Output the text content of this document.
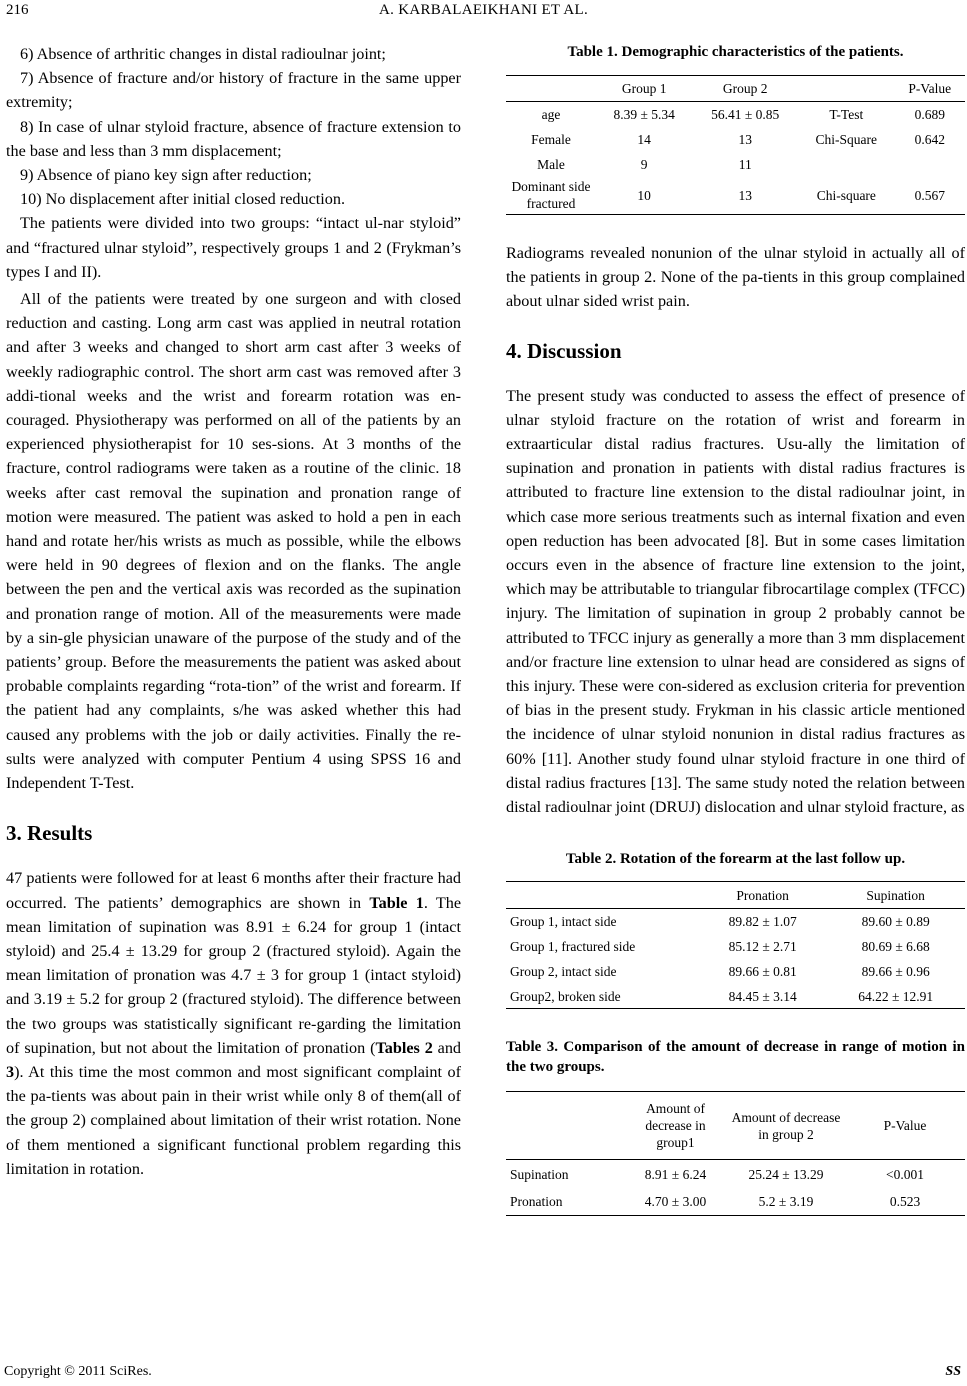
216	A. KARBALAEIKHANI ET AL.

6) Absence of arthritic changes in distal radioulnar joint;

7) Absence of fracture and/or history of fracture in the same upper extremity;

8) In case of ulnar styloid fracture, absence of fracture extension to the base and less than 3 mm displacement;

9) Absence of piano key sign after reduction;

10) No displacement after initial closed reduction.

The patients were divided into two groups: “intact ul-nar styloid” and “fractured ulnar styloid”, respectively groups 1 and 2 (Frykman’s types I and II).

All of the patients were treated by one surgeon and with closed reduction and casting. Long arm cast was applied in neutral rotation and after 3 weeks and changed to short arm cast after 3 weeks of weekly radiographic control. The short arm cast was removed after 3 addi-tional weeks and the wrist and forearm rotation was en-couraged. Physiotherapy was performed on all of the patients by an experienced physiotherapist for 10 ses-sions. At 3 months of the fracture, control radiograms were taken as a routine of the clinic. 18 weeks after cast removal the supination and pronation range of motion were measured. The patient was asked to hold a pen in each hand and rotate her/his wrists as much as possible, while the elbows were held in 90 degrees of flexion and on the flanks. The angle between the pen and the vertical axis was recorded as the supination and pronation range of motion. All of the measurements were made by a sin-gle physician unaware of the purpose of the study and of the patients’ group. Before the measurements the patient was asked about probable complaints regarding “rota-tion” of the wrist and forearm. If the patient had any complaints, s/he was asked whether this had caused any problems with the job or daily activities. Finally the re-sults were analyzed with computer Pentium 4 using SPSS 16 and Independent T-Test.

3. Results

47 patients were followed for at least 6 months after their fracture had occurred. The patients’ demographics are shown in Table 1. The mean limitation of supination was 8.91 ± 6.24 for group 1 (intact styloid) and 25.4 ± 13.29 for group 2 (fractured styloid). Again the mean limitation of pronation was 4.7 ± 3 for group 1 (intact styloid) and 3.19 ± 5.2 for group 2 (fractured styloid). The difference between the two groups was statistically significant re-garding the limitation of supination, but not about the limitation of pronation (Tables 2 and 3). At this time the most common and most significant complaint of the pa-tients was about pain in their wrist while only 8 of them(all of the group 2) complained about limitation of their wrist rotation. None of them mentioned a significant functional problem regarding this limitation in rotation.

Table 1. Demographic characteristics of the patients.
	Group 1	Group 2		P-Value
age	8.39 ± 5.34	56.41 ± 0.85	T-Test	0.689
Female	14	13	Chi-Square	0.642
Male	9	11		
Dominant side fractured	10	13	Chi-square	0.567

Radiograms revealed nonunion of the ulnar styloid in actually all of the patients in group 2. None of the pa-tients in this group complained about ulnar sided wrist pain.

4. Discussion

The present study was conducted to assess the effect of presence of ulnar styloid fracture on the rotation of wrist and forearm in extraarticular distal radius fractures. Usu-ally the limitation of supination and pronation in patients with distal radius fractures is attributed to fracture line extension to the distal radioulnar joint, in which case more serious treatments such as internal fixation and even open reduction has been advocated [8]. But in some cases limitation occurs even in the absence of fracture line extension to the joint, which may be attributable to triangular fibrocartilage complex (TFCC) injury. The limitation of supination in group 2 probably cannot be attributed to TFCC injury as generally a more than 3 mm displacement and/or fracture line extension to ulnar head are considered as signs of this injury. These were con-sidered as exclusion criteria for prevention of bias in the present study. Frykman in his classic article mentioned the incidence of ulnar styloid nonunion in distal radius fractures as 60% [11]. Another study found ulnar styloid fracture in one third of distal radius fractures [13]. The same study noted the relation between distal radioulnar joint (DRUJ) dislocation and ulnar styloid fracture, as

Table 2. Rotation of the forearm at the last follow up.
	Pronation	Supination
Group 1, intact side	89.82 ± 1.07	89.60 ± 0.89
Group 1, fractured side	85.12 ± 2.71	80.69 ± 6.68
Group 2, intact side	89.66 ± 0.81	89.66 ± 0.96
Group2, broken side	84.45 ± 3.14	64.22 ± 12.91
Table 3. Comparison of the amount of decrease in range of motion in the two groups.
	Amount of decrease in group1	Amount of decrease in group 2	P-Value
Supination	8.91 ± 6.24	25.24 ± 13.29	<0.001
Pronation	4.70 ± 3.00	5.2 ± 3.19	0.523
Copyright © 2011 SciRes.	SS
